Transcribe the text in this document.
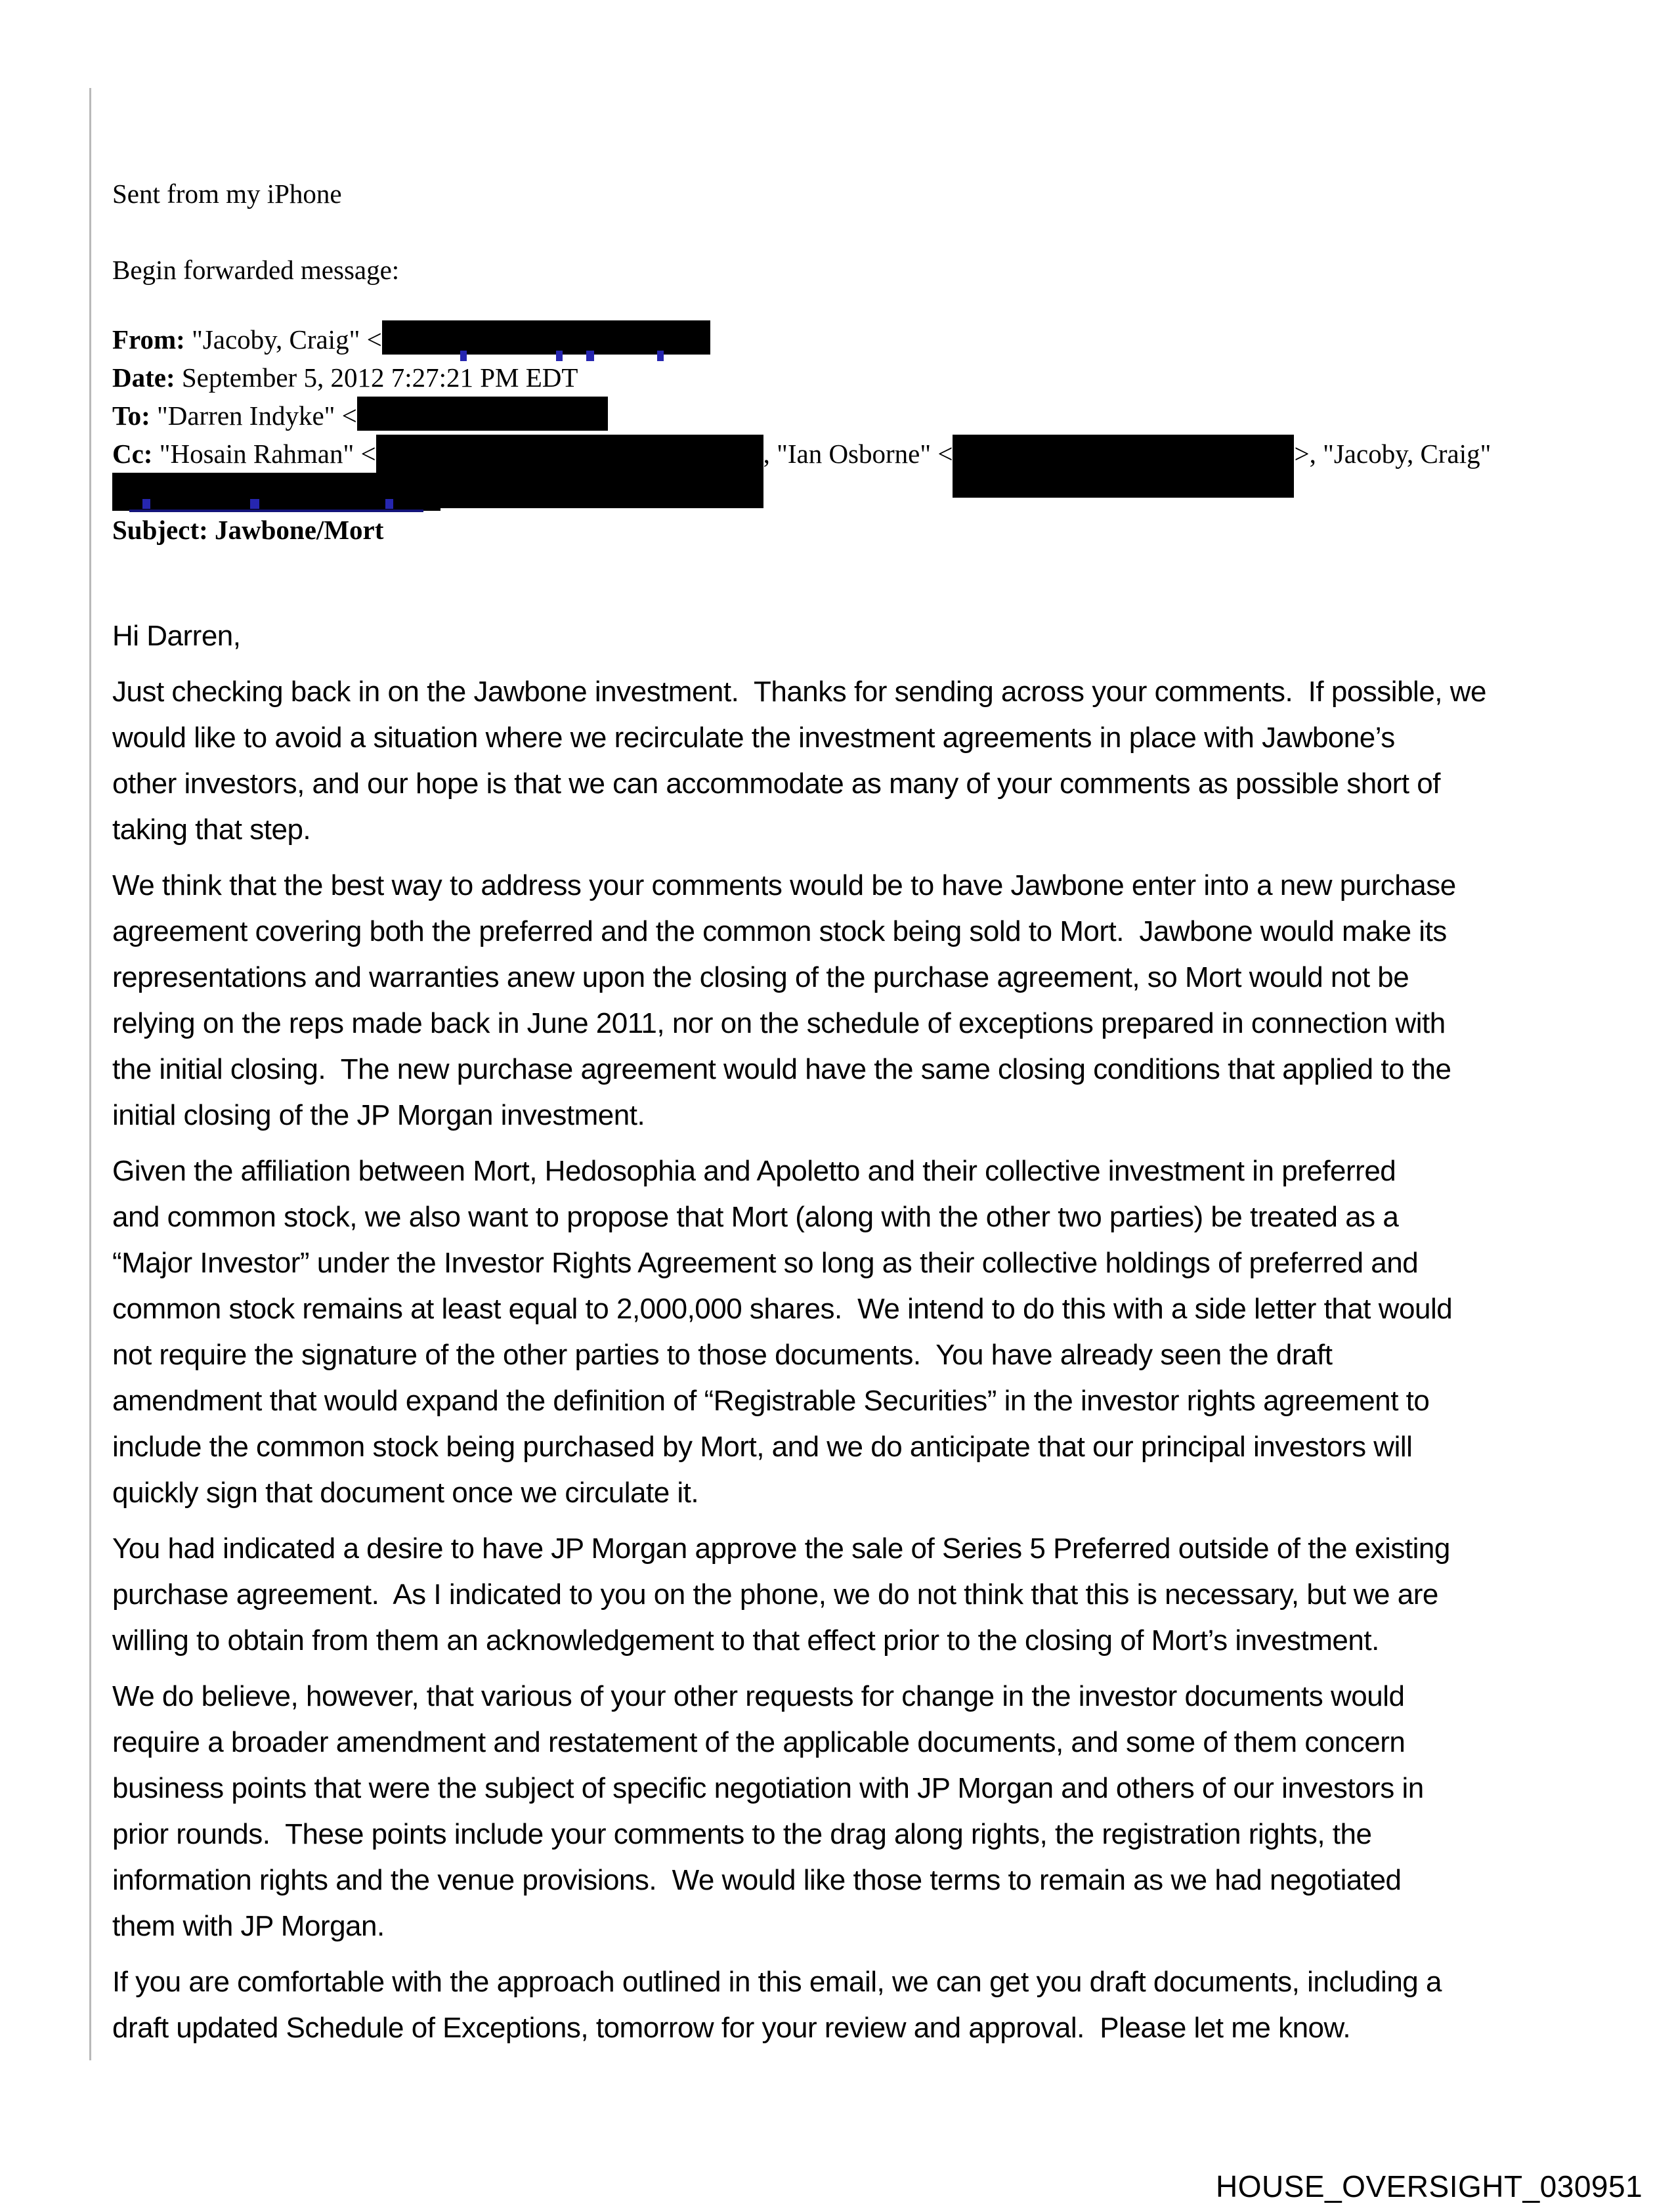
Sent from my iPhone
Begin forwarded message:
From: "Jacoby, Craig" <
Date: September 5, 2012 7:27:21 PM EDT
To: "Darren Indyke" <
Cc: "Hosain Rahman" <	, "Ian Osborne" <	>, "Jacoby, Craig"
Subject: Jawbone/Mort
Hi Darren,
Just checking back in on the Jawbone investment.  Thanks for sending across your comments.  If possible, we
would like to avoid a situation where we recirculate the investment agreements in place with Jawbone’s
other investors, and our hope is that we can accommodate as many of your comments as possible short of
taking that step.
We think that the best way to address your comments would be to have Jawbone enter into a new purchase
agreement covering both the preferred and the common stock being sold to Mort.  Jawbone would make its
representations and warranties anew upon the closing of the purchase agreement, so Mort would not be
relying on the reps made back in June 2011, nor on the schedule of exceptions prepared in connection with
the initial closing.  The new purchase agreement would have the same closing conditions that applied to the
initial closing of the JP Morgan investment.
Given the affiliation between Mort, Hedosophia and Apoletto and their collective investment in preferred
and common stock, we also want to propose that Mort (along with the other two parties) be treated as a
“Major Investor” under the Investor Rights Agreement so long as their collective holdings of preferred and
common stock remains at least equal to 2,000,000 shares.  We intend to do this with a side letter that would
not require the signature of the other parties to those documents.  You have already seen the draft
amendment that would expand the definition of “Registrable Securities” in the investor rights agreement to
include the common stock being purchased by Mort, and we do anticipate that our principal investors will
quickly sign that document once we circulate it.
You had indicated a desire to have JP Morgan approve the sale of Series 5 Preferred outside of the existing
purchase agreement.  As I indicated to you on the phone, we do not think that this is necessary, but we are
willing to obtain from them an acknowledgement to that effect prior to the closing of Mort’s investment.
We do believe, however, that various of your other requests for change in the investor documents would
require a broader amendment and restatement of the applicable documents, and some of them concern
business points that were the subject of specific negotiation with JP Morgan and others of our investors in
prior rounds.  These points include your comments to the drag along rights, the registration rights, the
information rights and the venue provisions.  We would like those terms to remain as we had negotiated
them with JP Morgan.
If you are comfortable with the approach outlined in this email, we can get you draft documents, including a
draft updated Schedule of Exceptions, tomorrow for your review and approval.  Please let me know.
HOUSE_OVERSIGHT_030951
